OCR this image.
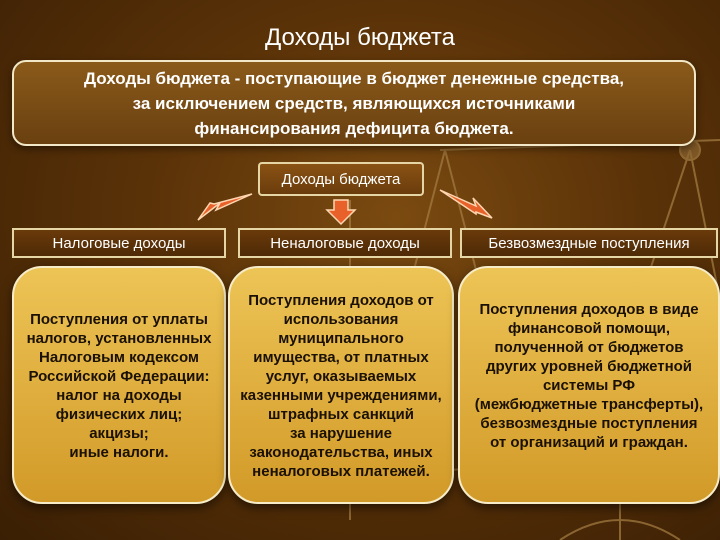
Доходы бюджета
Доходы бюджета - поступающие в бюджет денежные средства,
за исключением средств, являющихся источниками
финансирования дефицита бюджета.
Доходы бюджета
Налоговые доходы	Неналоговые доходы	Безвозмездные поступления
Поступления от уплаты
налогов, установленных
Налоговым кодексом
Российской Федерации:
налог на доходы
физических лиц;
акцизы;
иные налоги.
Поступления доходов от
использования
муниципального
имущества, от платных
услуг, оказываемых
казенными учреждениями,
штрафных санкций
за нарушение
законодательства, иных
неналоговых платежей.
Поступления доходов в виде
финансовой помощи,
полученной от бюджетов
других уровней бюджетной
системы РФ
(межбюджетные трансферты),
безвозмездные поступления
от организаций и граждан.
